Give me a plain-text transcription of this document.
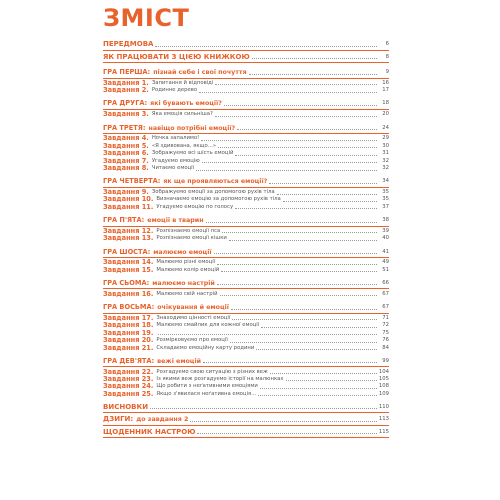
ЗМІСТ
ПЕРЕДМОВА	6
ЯК ПРАЦЮВАТИ З ЦІЄЮ КНИЖКОЮ	8
ГРА ПЕРША: пізнай себе і свої почуття	9
Завдання 1. Запитання й відповіді	16
Завдання 2. Родинне дерево	17
ГРА ДРУГА: які бувають емоції?	18
Завдання 3. Яка емоція сильніша?	20
ГРА ТРЕТЯ: навіщо потрібні емоції?	24
Завдання 4. Ночка запалимо!	29
Завдання 5. «Я здивована, якщо...»	30
Завдання 6. Зображуємо всі шість емоцій	31
Завдання 7. Угадуємо емоцію	32
Завдання 8. Читаємо емоції	32
ГРА ЧЕТВЕРТА: як ще проявляються емоції?	34
Завдання 9. Зображуємо емоції за допомогою рухів тіла	35
Завдання 10. Визначаємо емоцію за допомогою рухів тіла	35
Завдання 11. Угадуємо емоцію по голосу	37
ГРА П'ЯТА: емоції в тварин	38
Завдання 12. Розпізнаємо емоції пса	39
Завдання 13. Розпізнаємо емоції кішки	40
ГРА ШОСТА: малюємо емоції	41
Завдання 14. Малюємо різні емоції	49
Завдання 15. Малюємо колір емоцій	51
ГРА СЬОМА: малюємо настрій	66
Завдання 16. Малюємо свій настрій	67
ГРА ВОСЬМА: очікування й емоції	67
Завдання 17. Знаходимо цінності емоції	71
Завдання 18. Малюємо смайлик для кожної емоції	72
Завдання 19.	75
Завдання 20. Розмірковуємо про емоції	76
Завдання 21. Складаємо емоційну карту родини	84
ГРА ДЕВ'ЯТА: вежі емоцій	99
Завдання 22. Розгадуємо свою ситуацію з різних веж	104
Завдання 23. Із якими веж розгадуємо історії на малюнках	105
Завдання 24. Що робити з неґативними емоціями	108
Завдання 25. Якщо з'явилася неґативна емоція...	109
ВИСНОВКИ	110
ДЗИГИ: до завдання 2	113
ЩОДЕННИК НАСТРОЮ	115
